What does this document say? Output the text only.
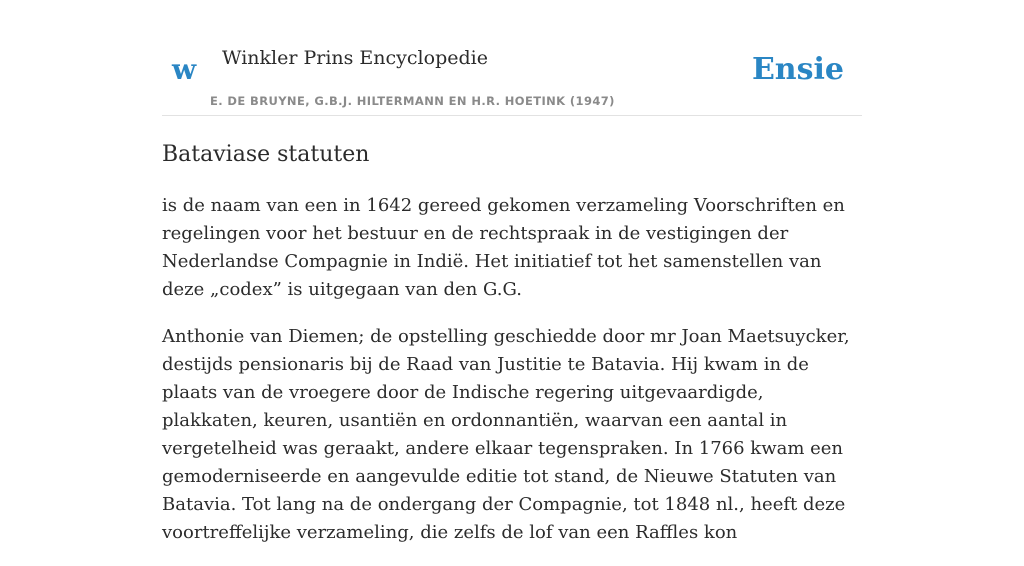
w Winkler Prins Encyclopedie
E. DE BRUYNE, G.B.J. HILTERMANN EN H.R. HOETINK (1947)
Ensie
Bataviase statuten

is de naam van een in 1642 gereed gekomen verzameling Voorschriften en regelingen voor het bestuur en de rechtspraak in de vestigingen der Nederlandse Compagnie in Indië. Het initiatief tot het samenstellen van deze „codex” is uitgegaan van den G.G.

Anthonie van Diemen; de opstelling geschiedde door mr Joan Maetsuycker, destijds pensionaris bij de Raad van Justitie te Batavia. Hij kwam in de plaats van de vroegere door de Indische regering uitgevaardigde, plakkaten, keuren, usantiën en ordonnantiën, waarvan een aantal in vergetelheid was geraakt, andere elkaar tegenspraken. In 1766 kwam een gemoderniseerde en aangevulde editie tot stand, de Nieuwe Statuten van Batavia. Tot lang na de ondergang der Compagnie, tot 1848 nl., heeft deze voortreffelijke verzameling, die zelfs de lof van een Raffles kon
